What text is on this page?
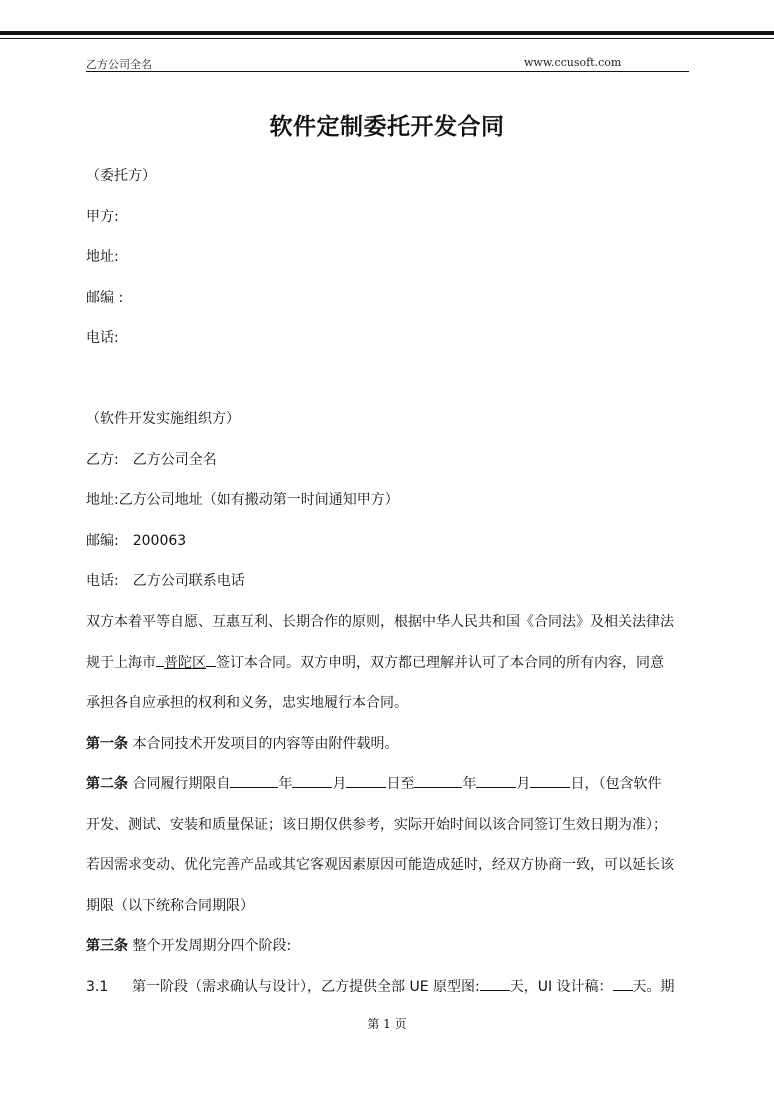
乙方公司全名	www.ccusoft.com
软件定制委托开发合同
（委托方）
甲方:
地址:
邮编 :
电话:
（软件开发实施组织方）
乙方: 乙方公司全名
地址:乙方公司地址（如有搬动第一时间通知甲方）
邮编: 200063
电话: 乙方公司联系电话
双方本着平等自愿、互惠互利、长期合作的原则，根据中华人民共和国《合同法》及相关法律法
规于上海市 普陀区 签订本合同。双方申明，双方都已理解并认可了本合同的所有内容，同意
承担各自应承担的权利和义务，忠实地履行本合同。
第一条 本合同技术开发项目的内容等由附件载明。
第二条 合同履行期限自	年	月	日至	年	月	日，（包含软件
开发、测试、安装和质量保证；该日期仅供参考，实际开始时间以该合同签订生效日期为准）；
若因需求变动、优化完善产品或其它客观因素原因可能造成延时，经双方协商一致，可以延长该
期限（以下统称合同期限）
第三条 整个开发周期分四个阶段:
3.1 第一阶段（需求确认与设计），乙方提供全部 UE 原型图: 天，UI 设计稿： 天。期
第 1 页
